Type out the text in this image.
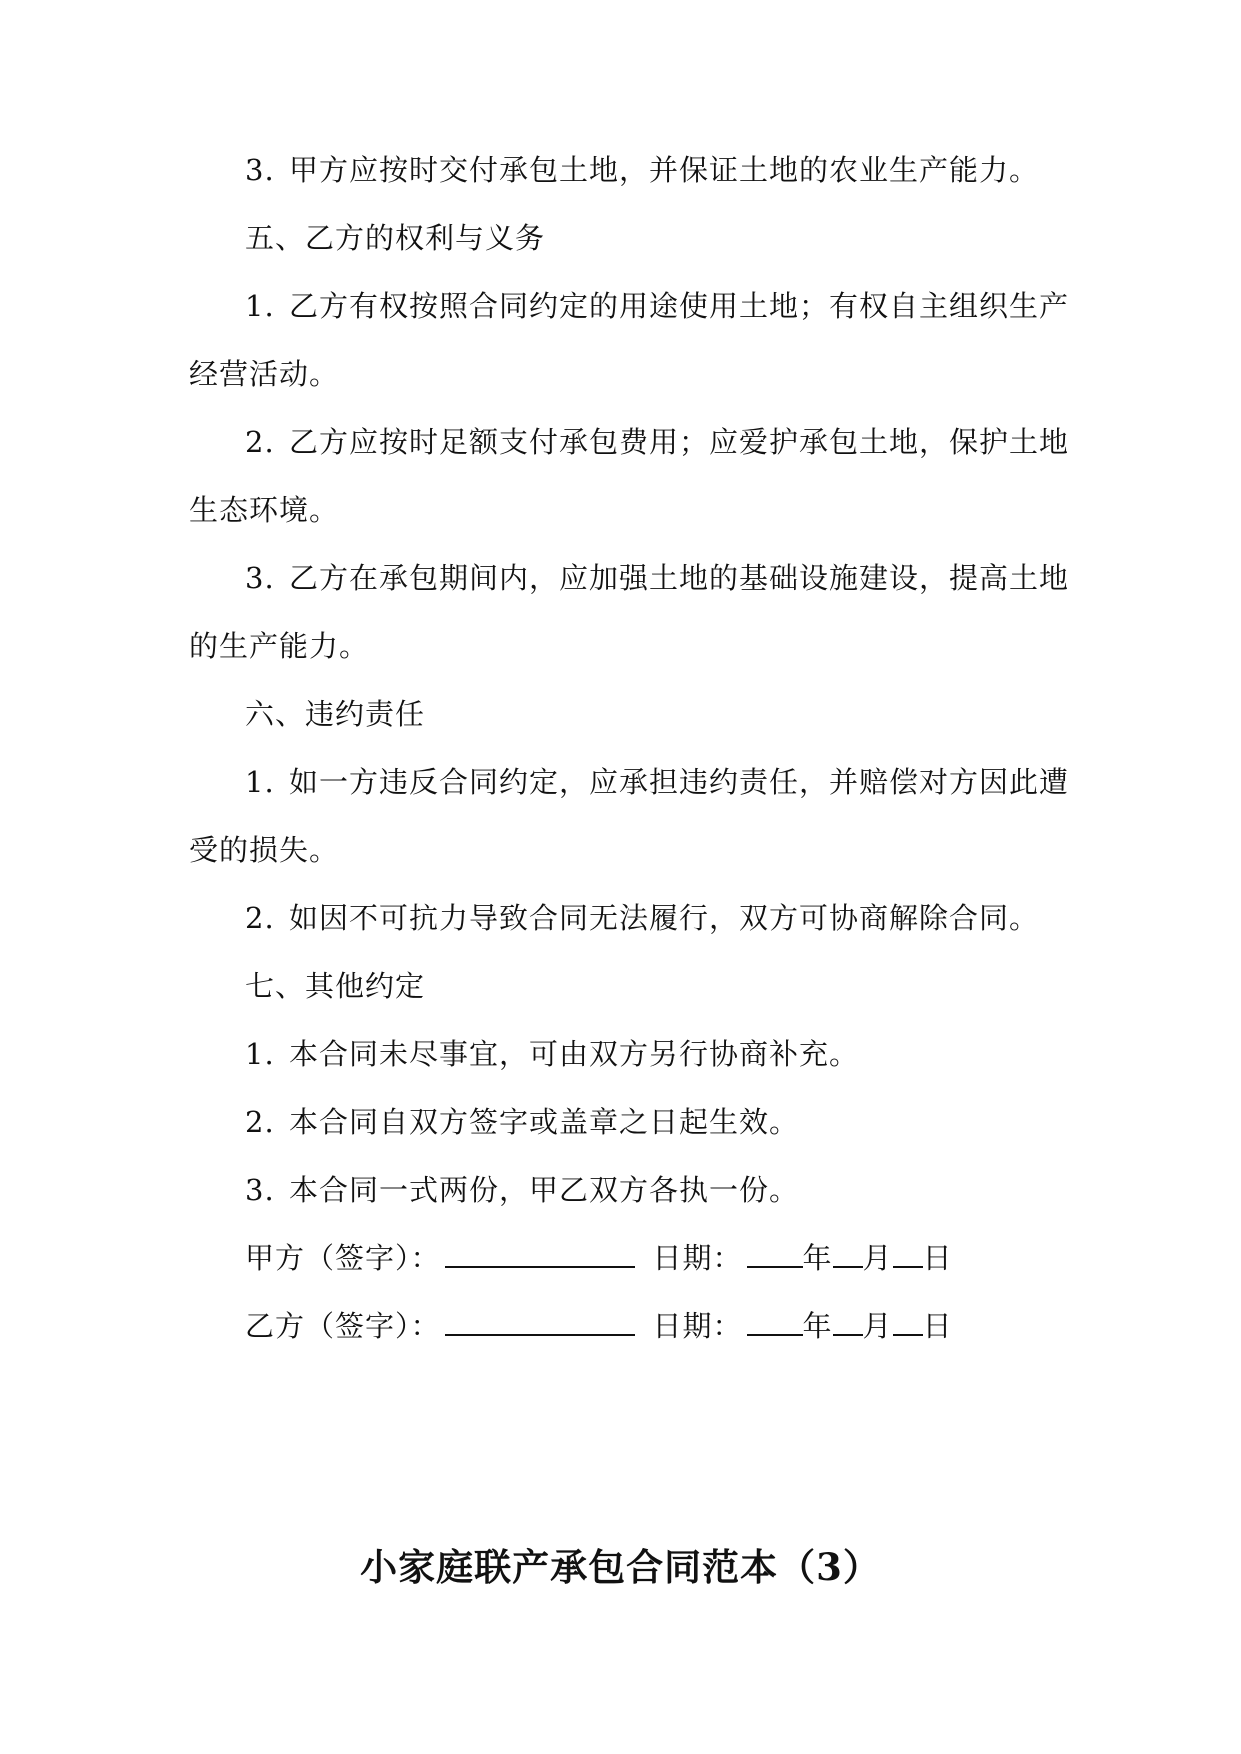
3. 甲方应按时交付承包土地，并保证土地的农业生产能力。
五、乙方的权利与义务
1. 乙方有权按照合同约定的用途使用土地；有权自主组织生产
经营活动。
2. 乙方应按时足额支付承包费用；应爱护承包土地，保护土地
生态环境。
3. 乙方在承包期间内，应加强土地的基础设施建设，提高土地
的生产能力。
六、违约责任
1. 如一方违反合同约定，应承担违约责任，并赔偿对方因此遭
受的损失。
2. 如因不可抗力导致合同无法履行，双方可协商解除合同。
七、其他约定
1. 本合同未尽事宜，可由双方另行协商补充。
2. 本合同自双方签字或盖章之日起生效。
3. 本合同一式两份，甲乙双方各执一份。
甲方（签字）：	日期： 年 月 日
乙方（签字）：	日期： 年 月 日
小家庭联产承包合同范本（3）
